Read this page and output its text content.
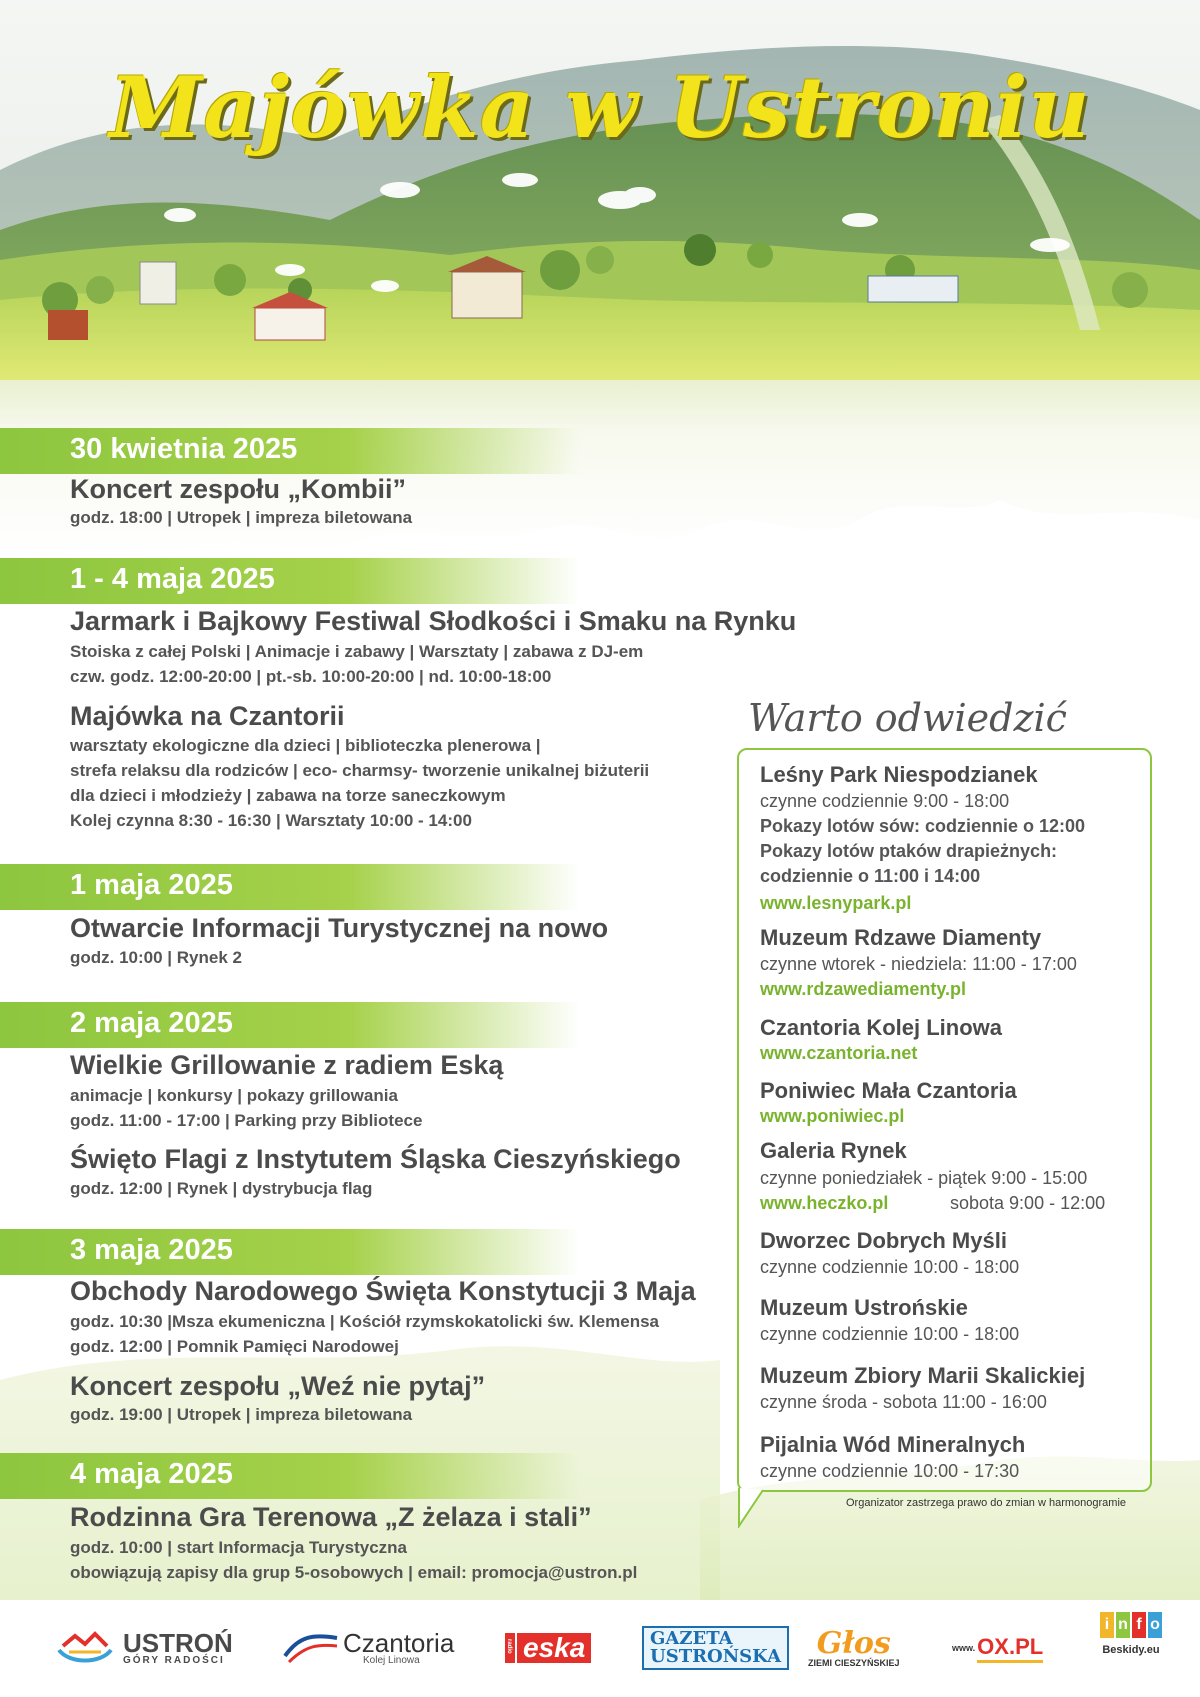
Majówka w Ustroniu
30 kwietnia 2025
Koncert zespołu „Kombii”
godz. 18:00 | Utropek | impreza biletowana
1 - 4 maja 2025
Jarmark i Bajkowy Festiwal Słodkości i Smaku na Rynku
Stoiska z całej Polski | Animacje i zabawy | Warsztaty | zabawa z DJ-em
czw. godz. 12:00-20:00 | pt.-sb. 10:00-20:00 | nd. 10:00-18:00
Majówka na Czantorii
warsztaty ekologiczne dla dzieci | biblioteczka plenerowa |
strefa relaksu dla rodziców | eco- charmsy- tworzenie unikalnej biżuterii
dla dzieci i młodzieży | zabawa na torze saneczkowym
Kolej czynna 8:30 - 16:30 | Warsztaty 10:00 - 14:00
1 maja 2025
Otwarcie Informacji Turystycznej na nowo
godz. 10:00 | Rynek 2
2 maja 2025
Wielkie Grillowanie z radiem Eską
animacje | konkursy | pokazy grillowania
godz. 11:00 - 17:00 | Parking przy Bibliotece
Święto Flagi z Instytutem Śląska Cieszyńskiego
godz. 12:00 | Rynek | dystrybucja flag
3 maja 2025
Obchody Narodowego Święta Konstytucji 3 Maja
godz. 10:30 |Msza ekumeniczna | Kościół rzymskokatolicki św. Klemensa
godz. 12:00 | Pomnik Pamięci Narodowej
Koncert zespołu „Weź nie pytaj”
godz. 19:00 | Utropek | impreza biletowana
4 maja 2025
Rodzinna Gra Terenowa „Z żelaza i stali”
godz. 10:00 | start Informacja Turystyczna
obowiązują zapisy dla grup 5-osobowych | email: promocja@ustron.pl
Warto odwiedzić
Leśny Park Niespodzianek
czynne codziennie 9:00 - 18:00
Pokazy lotów sów: codziennie o 12:00
Pokazy lotów ptaków drapieżnych:
codziennie o 11:00 i 14:00
www.lesnypark.pl
Muzeum Rdzawe Diamenty
czynne wtorek - niedziela: 11:00 - 17:00
www.rdzawediamenty.pl
Czantoria Kolej Linowa
www.czantoria.net
Poniwiec Mała Czantoria
www.poniwiec.pl
Galeria Rynek
czynne poniedziałek - piątek 9:00 - 15:00
www.heczko.pl	sobota 9:00 - 12:00
Dworzec Dobrych Myśli
czynne codziennie 10:00 - 18:00
Muzeum Ustrońskie
czynne codziennie 10:00 - 18:00
Muzeum Zbiory Marii Skalickiej
czynne środa - sobota 11:00 - 16:00
Pijalnia Wód Mineralnych
czynne codziennie 10:00 - 17:30
Organizator zastrzega prawo do zmian w harmonogramie
USTROŃ
GÓRY RADOŚCI
Czantoria
Kolej Linowa
radio eska	GAZETA
USTROŃSKA Głos
ZIEMI CIESZYŃSKIEJ
www. OX.PL
i n f o
Beskidy.eu
